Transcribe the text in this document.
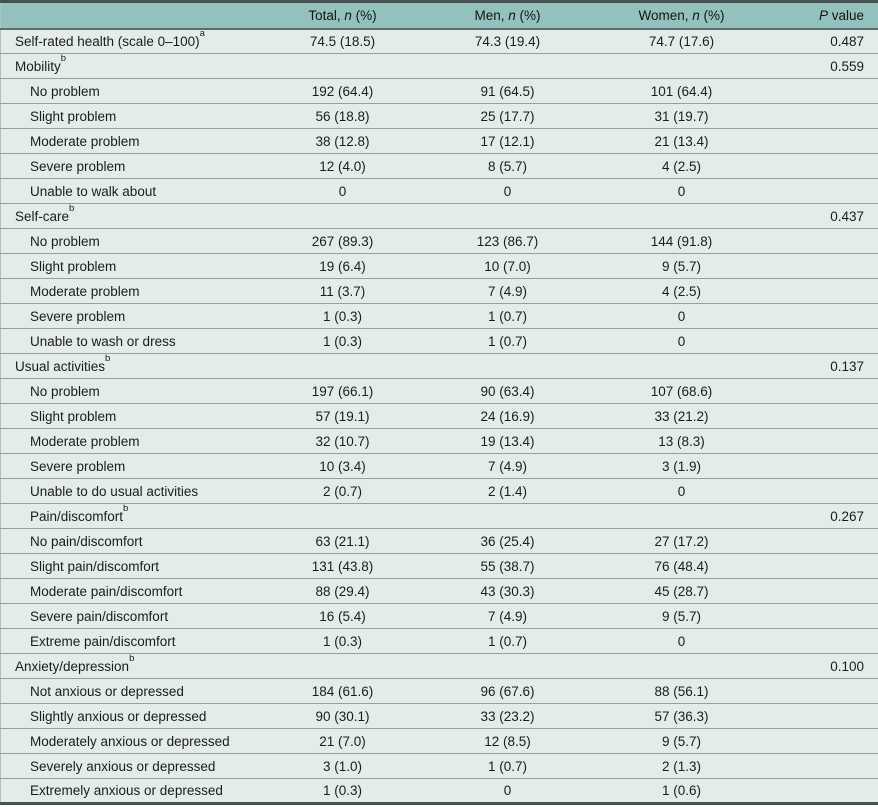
	Total, n (%)	Men, n (%)	Women, n (%)	P value
Self-rated health (scale 0–100)$^a$	74.5 (18.5)	74.3 (19.4)	74.7 (17.6)	0.487
Mobility$^b$				0.559
No problem	192 (64.4)	91 (64.5)	101 (64.4)	
Slight problem	56 (18.8)	25 (17.7)	31 (19.7)	
Moderate problem	38 (12.8)	17 (12.1)	21 (13.4)	
Severe problem	12 (4.0)	8 (5.7)	4 (2.5)	
Unable to walk about	0	0	0	
Self-care$^b$				0.437
No problem	267 (89.3)	123 (86.7)	144 (91.8)	
Slight problem	19 (6.4)	10 (7.0)	9 (5.7)	
Moderate problem	11 (3.7)	7 (4.9)	4 (2.5)	
Severe problem	1 (0.3)	1 (0.7)	0	
Unable to wash or dress	1 (0.3)	1 (0.7)	0	
Usual activities$^b$				0.137
No problem	197 (66.1)	90 (63.4)	107 (68.6)	
Slight problem	57 (19.1)	24 (16.9)	33 (21.2)	
Moderate problem	32 (10.7)	19 (13.4)	13 (8.3)	
Severe problem	10 (3.4)	7 (4.9)	3 (1.9)	
Unable to do usual activities	2 (0.7)	2 (1.4)	0	
Pain/discomfort$^b$				0.267
No pain/discomfort	63 (21.1)	36 (25.4)	27 (17.2)	
Slight pain/discomfort	131 (43.8)	55 (38.7)	76 (48.4)	
Moderate pain/discomfort	88 (29.4)	43 (30.3)	45 (28.7)	
Severe pain/discomfort	16 (5.4)	7 (4.9)	9 (5.7)	
Extreme pain/discomfort	1 (0.3)	1 (0.7)	0	
Anxiety/depression$^b$				0.100
Not anxious or depressed	184 (61.6)	96 (67.6)	88 (56.1)	
Slightly anxious or depressed	90 (30.1)	33 (23.2)	57 (36.3)	
Moderately anxious or depressed	21 (7.0)	12 (8.5)	9 (5.7)	
Severely anxious or depressed	3 (1.0)	1 (0.7)	2 (1.3)	
Extremely anxious or depressed	1 (0.3)	0	1 (0.6)	
